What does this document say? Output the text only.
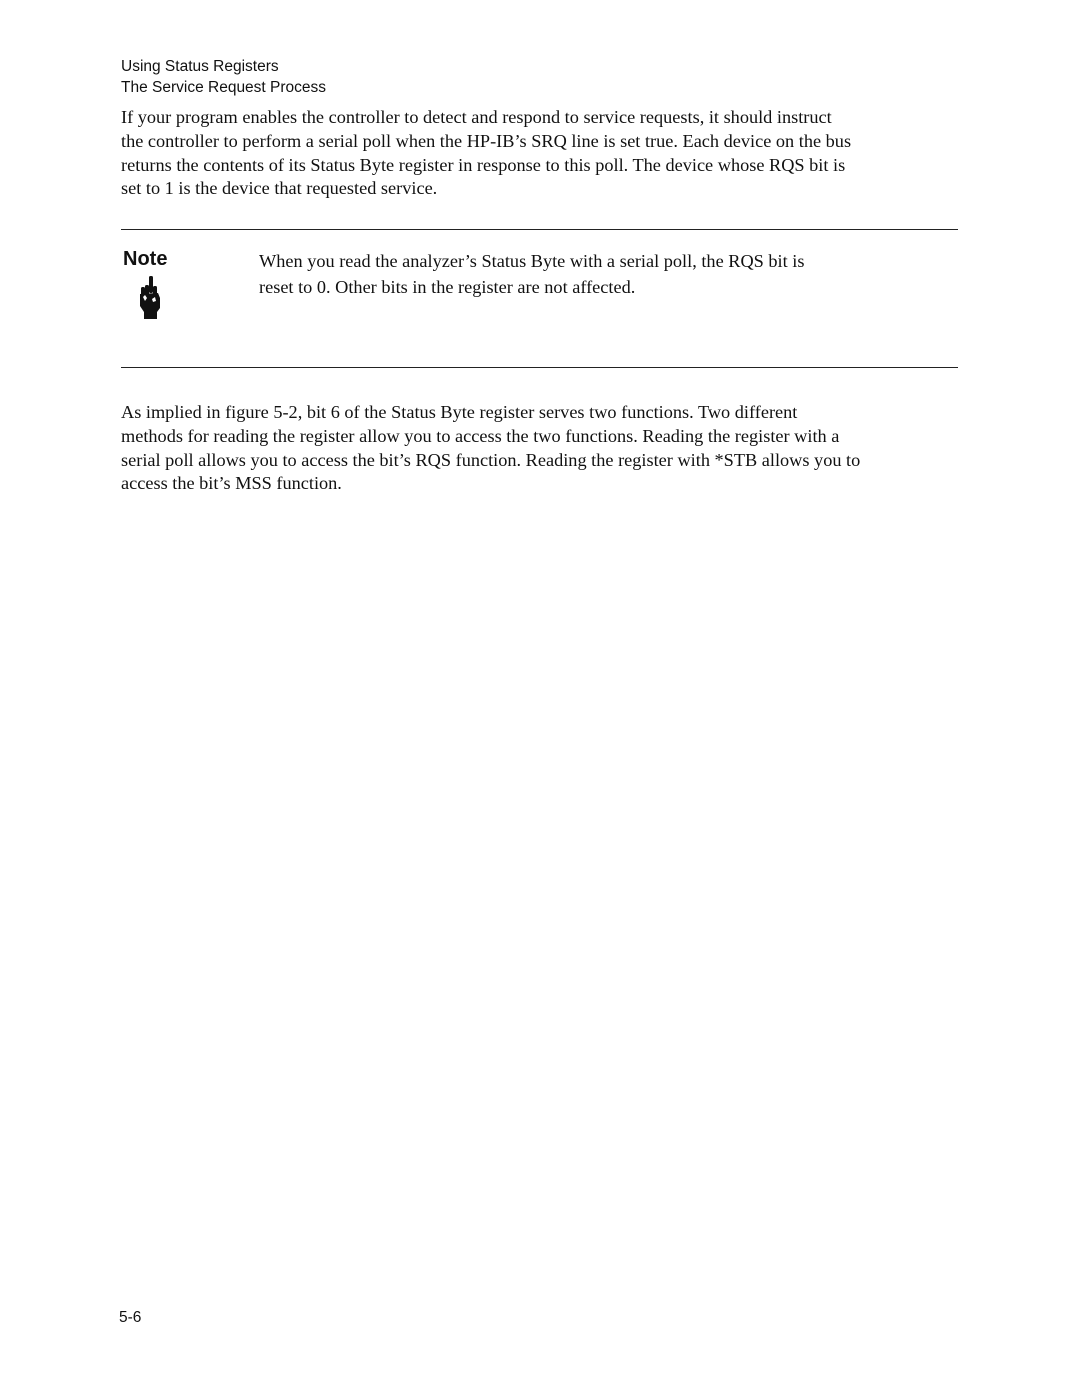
Using Status Registers
The Service Request Process

If your program enables the controller to detect and respond to service requests, it should instruct
the controller to perform a serial poll when the HP-IB’s SRQ line is set true. Each device on the bus
returns the contents of its Status Byte register in response to this poll. The device whose RQS bit is
set to 1 is the device that requested service.

Note	When you read the analyzer’s Status Byte with a serial poll, the RQS bit is
reset to 0. Other bits in the register are not affected.

As implied in figure 5-2, bit 6 of the Status Byte register serves two functions. Two different
methods for reading the register allow you to access the two functions. Reading the register with a
serial poll allows you to access the bit’s RQS function. Reading the register with *STB allows you to
access the bit’s MSS function.

5-6
